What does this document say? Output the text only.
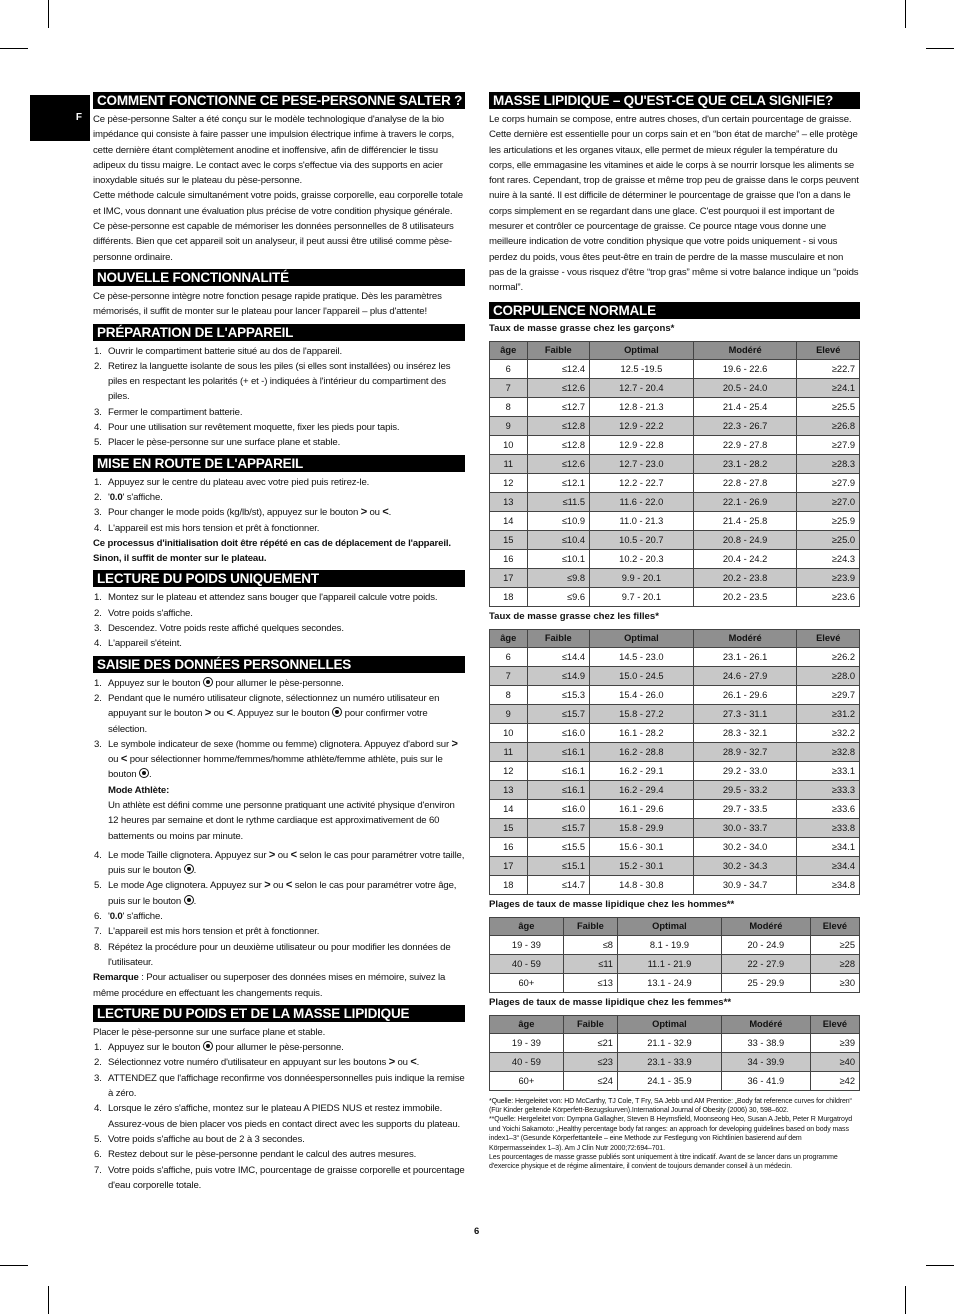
F
COMMENT FONCTIONNE CE PESE-PERSONNE SALTER ?

Ce pèse-personne Salter a été conçu sur le modèle technologique d'analyse de la bio impédance qui consiste à faire passer une impulsion électrique infime à travers le corps, cette dernière étant complètement anodine et inoffensive, afin de différencier le tissu adipeux du tissu maigre. Le contact avec le corps s'effectue via des supports en acier inoxydable situés sur le plateau du pèse-personne.

Cette méthode calcule simultanément votre poids, graisse corporelle, eau corporelle totale et IMC, vous donnant une évaluation plus précise de votre condition physique générale.

Ce pèse-personne est capable de mémoriser les données personnelles de 8 utilisateurs différents. Bien que cet appareil soit un analyseur, il peut aussi être utilisé comme pèse-personne ordinaire.

NOUVELLE FONCTIONNALITÉ

Ce pèse-personne intègre notre fonction pesage rapide pratique. Dès les paramètres mémorisés, il suffit de monter sur le plateau pour lancer l'appareil – plus d'attente!

PRÉPARATION DE L'APPAREIL
1. Ouvrir le compartiment batterie situé au dos de l'appareil.
2. Retirez la languette isolante de sous les piles (si elles sont installées) ou insérez les piles en respectant les polarités (+ et -) indiquées à l'intérieur du compartiment des piles.
3. Fermer le compartiment batterie.
4. Pour une utilisation sur revêtement moquette, fixer les pieds pour tapis.
5. Placer le pèse-personne sur une surface plane et stable.
MISE EN ROUTE DE L'APPAREIL
1. Appuyez sur le centre du plateau avec votre pied puis retirez-le.
2. '0.0' s'affiche.
3. Pour changer le mode poids (kg/lb/st), appuyez sur le bouton > ou <.
4. L'appareil est mis hors tension et prêt à fonctionner.

Ce processus d'initialisation doit être répété en cas de déplacement de l'appareil. Sinon, il suffit de monter sur le plateau.

LECTURE DU POIDS UNIQUEMENT
1. Montez sur le plateau et attendez sans bouger que l'appareil calcule votre poids.
2. Votre poids s'affiche.
3. Descendez. Votre poids reste affiché quelques secondes.
4. L'appareil s'éteint.
SAISIE DES DONNÉES PERSONNELLES
1. Appuyez sur le bouton pour allumer le pèse-personne.
2. Pendant que le numéro utilisateur clignote, sélectionnez un numéro utilisateur en appuyant sur le bouton > ou <. Appuyez sur le bouton pour confirmer votre sélection.
3. Le symbole indicateur de sexe (homme ou femme) clignotera. Appuyez d'abord sur > ou < pour sélectionner homme/femmes/homme athlète/femme athlète, puis sur le bouton .
Mode Athlète:
Un athlète est défini comme une personne pratiquant une activité physique d'environ 12 heures par semaine et dont le rythme cardiaque est approximativement de 60 battements ou moins par minute.
4. Le mode Taille clignotera. Appuyez sur > ou < selon le cas pour paramétrer votre taille, puis sur le bouton .
5. Le mode Age clignotera. Appuyez sur > ou < selon le cas pour paramétrer votre âge, puis sur le bouton .
6. '0.0' s'affiche.
7. L'appareil est mis hors tension et prêt à fonctionner.
8. Répétez la procédure pour un deuxième utilisateur ou pour modifier les données de l'utilisateur.

Remarque : Pour actualiser ou superposer des données mises en mémoire, suivez la même procédure en effectuant les changements requis.

LECTURE DU POIDS ET DE LA MASSE LIPIDIQUE

Placer le pèse-personne sur une surface plane et stable.

1. Appuyez sur le bouton pour allumer le pèse-personne.
2. Sélectionnez votre numéro d'utilisateur en appuyant sur les boutons > ou <.
3. ATTENDEZ que l'affichage reconfirme vos donnéespersonnelles puis indique la remise à zéro.
4. Lorsque le zéro s'affiche, montez sur le plateau A PIEDS NUS et restez immobile. Assurez-vous de bien placer vos pieds en contact direct avec les supports du plateau.
5. Votre poids s'affiche au bout de 2 à 3 secondes.
6. Restez debout sur le pèse-personne pendant le calcul des autres mesures.
7. Votre poids s'affiche, puis votre IMC, pourcentage de graisse corporelle et pourcentage d'eau corporelle totale.
MASSE LIPIDIQUE – QU'EST-CE QUE CELA SIGNIFIE?

Le corps humain se compose, entre autres choses, d'un certain pourcentage de graisse. Cette dernière est essentielle pour un corps sain et en “bon état de marche” – elle protège les articulations et les organes vitaux, elle permet de mieux réguler la température du corps, elle emmagasine les vitamines et aide le corps à se nourrir lorsque les aliments se font rares. Cependant, trop de graisse et même trop peu de graisse dans le corps peuvent nuire à la santé. Il est difficile de déterminer le pourcentage de graisse que l'on a dans le corps simplement en se regardant dans une glace. C'est pourquoi il est important de mesurer et contrôler ce pourcentage de graisse. Ce pource ntage vous donne une meilleure indication de votre condition physique que votre poids uniquement - si vous perdez du poids, vous êtes peut-être en train de perdre de la masse musculaire et non pas de la graisse - vous risquez d'être “trop gras” même si votre balance indique un “poids normal”.

CORPULENCE NORMALE
Taux de masse grasse chez les garçons*
âge	Faible	Optimal	Modéré	Elevé
6	≤12.4	12.5 -19.5	19.6 - 22.6	≥22.7
7	≤12.6	12.7 - 20.4	20.5 - 24.0	≥24.1
8	≤12.7	12.8 - 21.3	21.4 - 25.4	≥25.5
9	≤12.8	12.9 - 22.2	22.3 - 26.7	≥26.8
10	≤12.8	12.9 - 22.8	22.9 - 27.8	≥27.9
11	≤12.6	12.7 - 23.0	23.1 - 28.2	≥28.3
12	≤12.1	12.2 - 22.7	22.8 - 27.8	≥27.9
13	≤11.5	11.6 - 22.0	22.1 - 26.9	≥27.0
14	≤10.9	11.0 - 21.3	21.4 - 25.8	≥25.9
15	≤10.4	10.5 - 20.7	20.8 - 24.9	≥25.0
16	≤10.1	10.2 - 20.3	20.4 - 24.2	≥24.3
17	≤9.8	9.9 - 20.1	20.2 - 23.8	≥23.9
18	≤9.6	9.7 - 20.1	20.2 - 23.5	≥23.6
Taux de masse grasse chez les filles*
âge	Faible	Optimal	Modéré	Elevé
6	≤14.4	14.5 - 23.0	23.1 - 26.1	≥26.2
7	≤14.9	15.0 - 24.5	24.6 - 27.9	≥28.0
8	≤15.3	15.4 - 26.0	26.1 - 29.6	≥29.7
9	≤15.7	15.8 - 27.2	27.3 - 31.1	≥31.2
10	≤16.0	16.1 - 28.2	28.3 - 32.1	≥32.2
11	≤16.1	16.2 - 28.8	28.9 - 32.7	≥32.8
12	≤16.1	16.2 - 29.1	29.2 - 33.0	≥33.1
13	≤16.1	16.2 - 29.4	29.5 - 33.2	≥33.3
14	≤16.0	16.1 - 29.6	29.7 - 33.5	≥33.6
15	≤15.7	15.8 - 29.9	30.0 - 33.7	≥33.8
16	≤15.5	15.6 - 30.1	30.2 - 34.0	≥34.1
17	≤15.1	15.2 - 30.1	30.2 - 34.3	≥34.4
18	≤14.7	14.8 - 30.8	30.9 - 34.7	≥34.8
Plages de taux de masse lipidique chez les hommes**
âge	Faible	Optimal	Modéré	Elevé
19 - 39	≤8	8.1 - 19.9	20 - 24.9	≥25
40 - 59	≤11	11.1 - 21.9	22 - 27.9	≥28
60+	≤13	13.1 - 24.9	25 - 29.9	≥30
Plages de taux de masse lipidique chez les femmes**
âge	Faible	Optimal	Modéré	Elevé
19 - 39	≤21	21.1 - 32.9	33 - 38.9	≥39
40 - 59	≤23	23.1 - 33.9	34 - 39.9	≥40
60+	≤24	24.1 - 35.9	36 - 41.9	≥42
*Quelle: Hergeleitet von: HD McCarthy, TJ Cole, T Fry, SA Jebb und AM Prentice: „Body fat reference curves for children“ (Für Kinder geltende Körperfett-Bezugskurven).International Journal of Obesity (2006) 30, 598–602.
**Quelle: Hergeleitet von: Dympna Gallagher, Steven B Heymsfield, Moonseong Heo, Susan A Jebb, Peter R Murgatroyd und Yoichi Sakamoto: „Healthy percentage body fat ranges: an approach for developing guidelines based on body mass index1–3“ (Gesunde Körperfettanteile – eine Methode zur Festlegung von Richtlinien basierend auf dem Körpermasseindex 1–3). Am J Clin Nutr 2000;72:694–701.
Les pourcentages de masse grasse publiés sont uniquement à titre indicatif. Avant de se lancer dans un programme d'exercice physique et de régime alimentaire, il convient de toujours demander conseil à un médecin.
6
